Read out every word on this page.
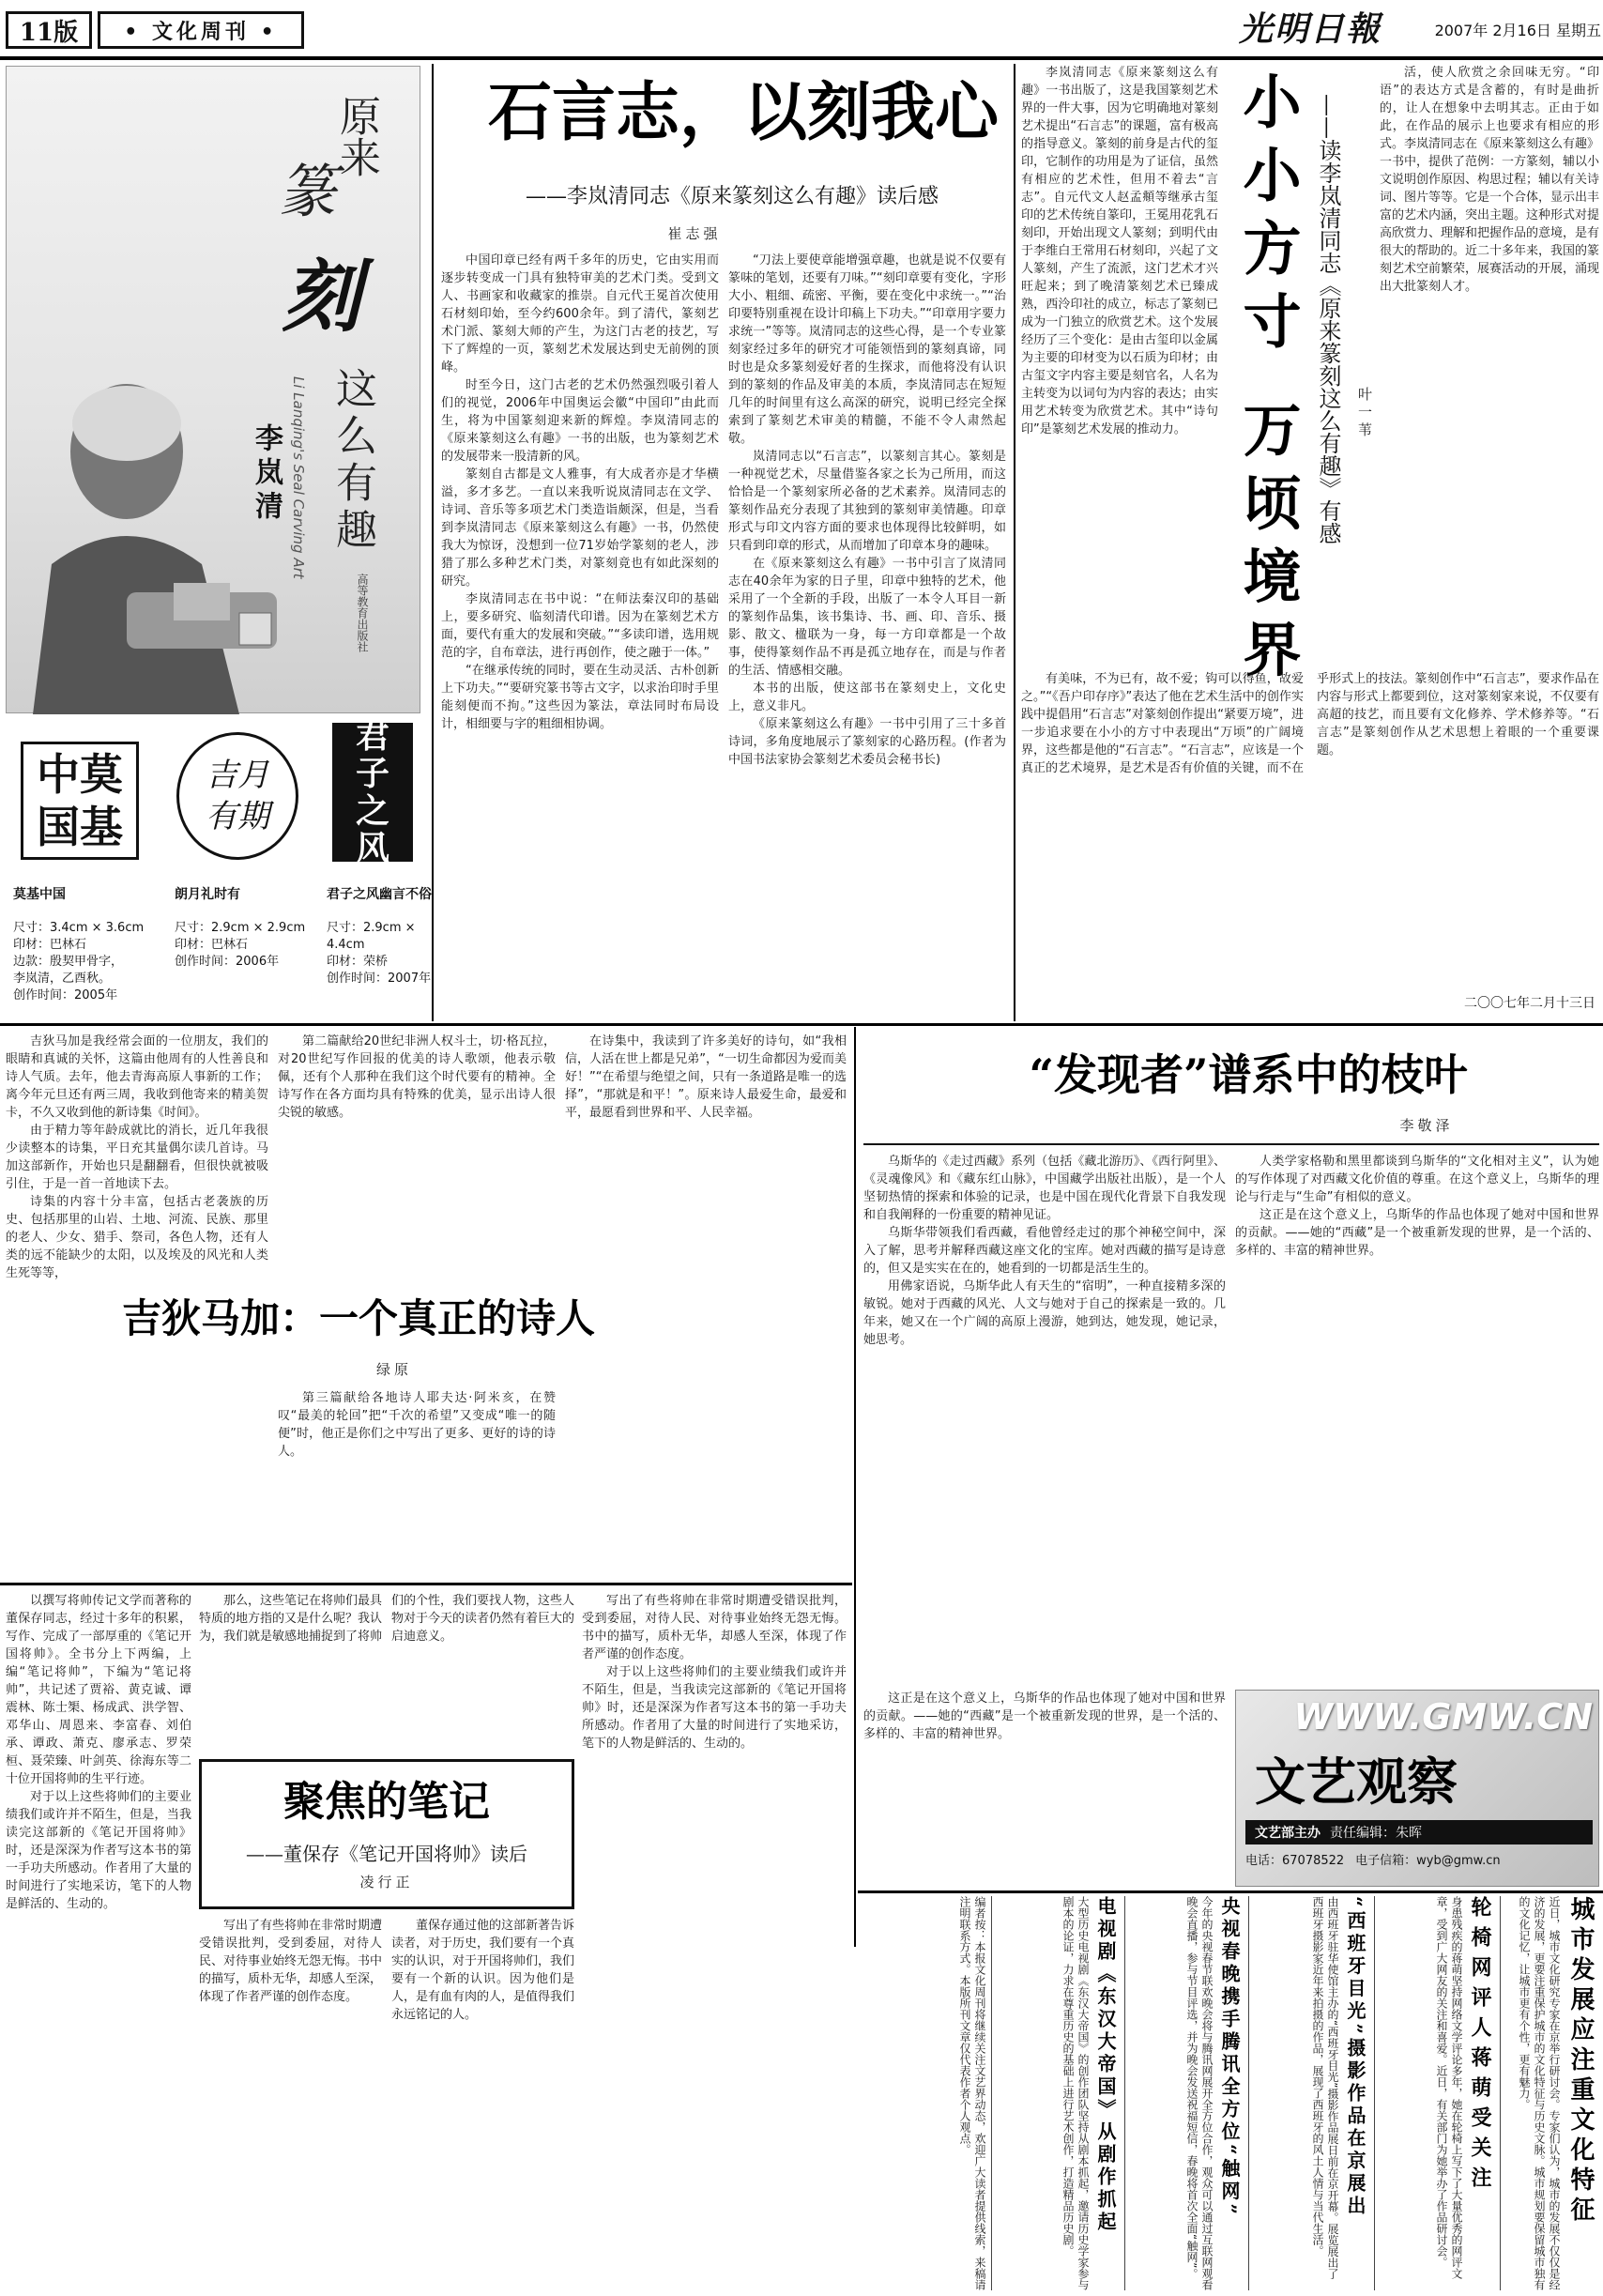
11版 • 文化周刊 •	光明日報	2007年 2月16日 星期五
原来
篆
刻
这么有趣
Li Lanqing's Seal Carving Art
李岚清
高等教育出版社
中莫国基
吉月有期
君子之风

莫基中国

尺寸：3.4cm × 3.6cm
印材：巴林石
边款：殷契甲骨字，
李岚清，乙酉秋。
创作时间：2005年

朗月礼时有

尺寸：2.9cm × 2.9cm
印材：巴林石
创作时间：2006年

君子之风幽言不俗

尺寸：2.9cm × 4.4cm
印材：荣桥
创作时间：2007年

石言志，以刻我心
——李岚清同志《原来篆刻这么有趣》读后感
崔志强

中国印章已经有两千多年的历史，它由实用而逐步转变成一门具有独特审美的艺术门类。受到文人、书画家和收藏家的推崇。自元代王冕首次使用石材刻印始，至今约600余年。到了清代，篆刻艺术门派、篆刻大师的产生，为这门古老的技艺，写下了辉煌的一页，篆刻艺术发展达到史无前例的顶峰。

时至今日，这门古老的艺术仍然强烈吸引着人们的视觉，2006年中国奥运会徽“中国印”由此而生，将为中国篆刻迎来新的辉煌。李岚清同志的《原来篆刻这么有趣》一书的出版，也为篆刻艺术的发展带来一股清新的风。

篆刻自古都是文人雅事，有大成者亦是才华横溢，多才多艺。一直以来我听说岚清同志在文学、诗词、音乐等多项艺术门类造诣颇深，但是，当看到李岚清同志《原来篆刻这么有趣》一书，仍然使我大为惊讶，没想到一位71岁始学篆刻的老人，涉猎了那么多种艺术门类，对篆刻竟也有如此深刻的研究。

李岚清同志在书中说：“在师法秦汉印的基础上，要多研究、临刻清代印谱。因为在篆刻艺术方面，要代有重大的发展和突破。”“多读印谱，选用规范的字，自布章法，进行再创作，使之融于一体。”

“在继承传统的同时，要在生动灵活、古朴创新上下功夫。”“要研究篆书等古文字，以求治印时手里能刻便而不拘。”这些因为篆法，章法同时布局设计，相细要与字的粗细相协调。

“刀法上要使章能增强章趣，也就是说不仅要有篆味的笔划，还要有刀味。”“刻印章要有变化，字形大小、粗细、疏密、平衡，要在变化中求统一。”“治印要特别重视在设计印稿上下功夫。”“印章用字要力求统一”等等。岚清同志的这些心得，是一个专业篆刻家经过多年的研究才可能领悟到的篆刻真谛，同时也是众多篆刻爱好者的生探求，而他将没有认识到的篆刻的作品及审美的本质，李岚清同志在短短几年的时间里有这么高深的研究，说明已经完全探索到了篆刻艺术审美的精髓，不能不令人肃然起敬。

岚清同志以“石言志”，以篆刻言其心。篆刻是一种视觉艺术，尽量借鉴各家之长为己所用，而这恰恰是一个篆刻家所必备的艺术素养。岚清同志的篆刻作品充分表现了其独到的篆刻审美情趣。印章形式与印文内容方面的要求也体现得比较鲜明，如只看到印章的形式，从而增加了印章本身的趣味。

在《原来篆刻这么有趣》一书中引言了岚清同志在40余年为家的日子里，印章中独特的艺术，他采用了一个全新的手段，出版了一本令人耳目一新的篆刻作品集，该书集诗、书、画、印、音乐、摄影、散文、楹联为一身，每一方印章都是一个故事，使得篆刻作品不再是孤立地存在，而是与作者的生活、情感相交融。

本书的出版，使这部书在篆刻史上，文化史上，意义非凡。

《原来篆刻这么有趣》一书中引用了三十多首诗词，多角度地展示了篆刻家的心路历程。(作者为中国书法家协会篆刻艺术委员会秘书长)

李岚清同志《原来篆刻这么有趣》一书出版了，这是我国篆刻艺术界的一件大事，因为它明确地对篆刻艺术提出“石言志”的课题，富有极高的指导意义。篆刻的前身是古代的玺印，它制作的功用是为了证信，虽然有相应的艺术性，但用不着去“言志”。自元代文人赵孟頫等继承古玺印的艺术传统自篆印，王冕用花乳石刻印，开始出现文人篆刻；到明代由于李维白王常用石材刻印，兴起了文人篆刻，产生了流派，这门艺术才兴旺起来；到了晚清篆刻艺术已臻成熟，西泠印社的成立，标志了篆刻已成为一门独立的欣赏艺术。这个发展经历了三个变化：是由古玺印以金属为主要的印材变为以石质为印材；由古玺文字内容主要是刻官名，人名为主转变为以词句为内容的表达；由实用艺术转变为欣赏艺术。其中“诗句印”是篆刻艺术发展的推动力。 小小方寸 万顷境界 ——读李岚清同志《原来篆刻这么有趣》有感	叶一苇

活，使人欣赏之余回味无穷。“印语”的表达方式是含蓄的，有时是曲折的，让人在想象中去明其志。正由于如此，在作品的展示上也要求有相应的形式。李岚清同志在《原来篆刻这么有趣》一书中，提供了范例：一方篆刻，辅以小文说明创作原因、构思过程；辅以有关诗词、图片等等。它是一个合体，显示出丰富的艺术内涵，突出主题。这种形式对提高欣赏力、理解和把握作品的意境，是有很大的帮助的。近二十多年来，我国的篆刻艺术空前繁荣，展赛活动的开展，涌现出大批篆刻人才。

有美味，不为已有，故不爱；钩可以得鱼，故爱之。”“《吾户印存序》”表达了他在艺术生活中的创作实践中提倡用“石言志”对篆刻创作提出“紧要万境”，进一步追求要在小小的方寸中表现出“万顷”的广阔境界，这些都是他的“石言志”。“石言志”，应该是一个真正的艺术境界，是艺术是否有价值的关键，而不在乎形式上的技法。篆刻创作中“石言志”，要求作品在内容与形式上都要到位，这对篆刻家来说，不仅要有高超的技艺，而且要有文化修养、学术修养等。“石言志”是篆刻创作从艺术思想上着眼的一个重要课题。

二〇〇七年二月十三日

吉狄马加是我经常会面的一位朋友，我们的眼睛和真诚的关怀，这篇由他周有的人性善良和诗人气质。去年，他去青海高原人事新的工作；离今年元旦还有两三周，我收到他寄来的精美贺卡，不久又收到他的新诗集《时间》。

由于精力等年龄成就比的消长，近几年我很少读整本的诗集，平日充其量偶尔读几首诗。马加这部新作，开始也只是翻翻看，但很快就被吸引住，于是一首一首地读下去。

诗集的内容十分丰富，包括古老袭族的历史、包括那里的山岩、土地、河流、民族、那里的老人、少女、猎手、祭司，各色人物，还有人类的远不能缺少的太阳，以及埃及的风光和人类生死等等，

第二篇献给20世纪非洲人权斗士，切·格瓦拉，对20世纪写作回报的优美的诗人歌颂，他表示敬佩，还有个人那种在我们这个时代要有的精神。全诗写作在各方面均具有特殊的优美，显示出诗人很尖锐的敏感。

在诗集中，我读到了许多美好的诗句，如“我相信，人活在世上都是兄弟”，“一切生命都因为爱而美好！”“在希望与绝望之间，只有一条道路是唯一的选择”，“那就是和平！”。原来诗人最爱生命，最爱和平，最愿看到世界和平、人民幸福。

吉狄马加：一个真正的诗人
绿原

第三篇献给各地诗人耶夫达·阿米亥，在赞叹“最美的轮回”把“千次的希望”又变成“唯一的随便”时，他正是你们之中写出了更多、更好的诗的诗人。

“发现者”谱系中的枝叶
李敬泽

乌斯华的《走过西藏》系列（包括《藏北游历》、《西行阿里》、《灵魂像风》和《藏东红山脉》，中国藏学出版社出版），是一个人坚韧热情的探索和体验的记录，也是中国在现代化背景下自我发现和自我阐释的一份重要的精神见证。

乌斯华带领我们看西藏，看他曾经走过的那个神秘空间中，深入了解，思考并解释西藏这座文化的宝库。她对西藏的描写是诗意的，但又是实实在在的，她看到的一切都是活生生的。

用佛家语说，乌斯华此人有天生的“宿明”，一种直接精多深的敏锐。她对于西藏的风光、人文与她对于自己的探索是一致的。几年来，她又在一个广阔的高原上漫游，她到达，她发现，她记录，她思考。

人类学家格勒和黑里都谈到乌斯华的“文化相对主义”，认为她的写作体现了对西藏文化价值的尊重。在这个意义上，乌斯华的理论与行走与“生命”有相似的意义。

这正是在这个意义上，乌斯华的作品也体现了她对中国和世界的贡献。——她的“西藏”是一个被重新发现的世界，是一个活的、多样的、丰富的精神世界。

WWW.GMW.CN
文艺观察
文艺部主办 责任编辑：朱晖
电话：67078522 电子信箱：wyb@gmw.cn

这正是在这个意义上，乌斯华的作品也体现了她对中国和世界的贡献。——她的“西藏”是一个被重新发现的世界，是一个活的、多样的、丰富的精神世界。

以撰写将帅传记文学而著称的董保存同志，经过十多年的积累，写作、完成了一部厚重的《笔记开国将帅》。全书分上下两编，上编“笔记将帅”，下编为“笔记将帅”，共记述了贾裕、黄克诚、谭震林、陈士榘、杨成武、洪学智、邓华山、周恩来、李富春、刘伯承、谭政、萧克、廖承志、罗荣桓、聂荣臻、叶剑英、徐海东等二十位开国将帅的生平行迹。

对于以上这些将帅们的主要业绩我们或许并不陌生，但是，当我读完这部新的《笔记开国将帅》时，还是深深为作者写这本书的第一手功夫所感动。作者用了大量的时间进行了实地采访，笔下的人物是鲜活的、生动的。

那么，这些笔记在将帅们最具特质的地方指的又是什么呢？我认为，我们就是敏感地捕捉到了将帅们的个性，我们要找人物，这些人物对于今天的读者仍然有着巨大的启迪意义。

聚焦的笔记
——董保存《笔记开国将帅》读后
凌行正

写出了有些将帅在非常时期遭受错误批判，受到委屈，对待人民、对待事业始终无怨无悔。书中的描写，质朴无华，却感人至深，体现了作者严谨的创作态度。

董保存通过他的这部新著告诉读者，对于历史，我们要有一个真实的认识，对于开国将帅们，我们要有一个新的认识。因为他们是人，是有血有肉的人，是值得我们永远铭记的人。

写出了有些将帅在非常时期遭受错误批判，受到委屈，对待人民、对待事业始终无怨无悔。书中的描写，质朴无华，却感人至深，体现了作者严谨的创作态度。

对于以上这些将帅们的主要业绩我们或许并不陌生，但是，当我读完这部新的《笔记开国将帅》时，还是深深为作者写这本书的第一手功夫所感动。作者用了大量的时间进行了实地采访，笔下的人物是鲜活的、生动的。

城市发展应注重文化特征
近日，城市文化研究专家在京举行研讨会。专家们认为，城市的发展不仅仅是经济的发展，更要注重保护城市的文化特征与历史文脉。城市规划要保留城市独有的文化记忆，让城市更有个性，更有魅力。
轮椅网评人蒋萌受关注
身患残疾的蒋萌坚持网络文学评论多年，她在轮椅上写下了大量优秀的网评文章，受到广大网友的关注和喜爱。近日，有关部门为她举办了作品研讨会。
“西班牙目光”摄影作品在京展出
由西班牙驻华使馆主办的“西班牙目光”摄影作品展日前在京开幕。展览展出了西班牙摄影家近年来拍摄的作品，展现了西班牙的风土人情与当代生活。
央视春晚携手腾讯全方位“触网”
今年的央视春节联欢晚会将与腾讯网展开全方位合作，观众可以通过互联网观看晚会直播，参与节目评选，并为晚会发送祝福短信，春晚将首次全面“触网”。
电视剧《东汉大帝国》从剧作抓起
大型历史电视剧《东汉大帝国》的创作团队坚持从剧本抓起，邀请历史学家参与剧本的论证，力求在尊重历史的基础上进行艺术创作，打造精品历史剧。
编者按：本报文化周刊将继续关注文艺界动态，欢迎广大读者提供线索，来稿请注明联系方式。本版所刊文章仅代表作者个人观点。
